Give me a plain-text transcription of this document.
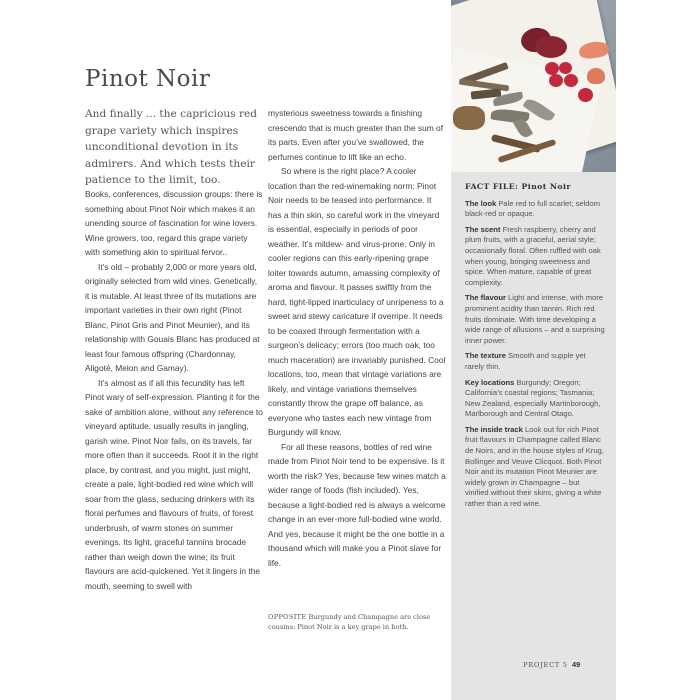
Pinot Noir
And finally ... the capricious red grape variety which inspires unconditional devotion in its admirers. And which tests their patience to the limit, too.

Books, conferences, discussion groups: there is something about Pinot Noir which makes it an unending source of fascination for wine lovers. Wine growers, too, regard this grape variety with something akin to spiritual fervor..

It’s old – probably 2,000 or more years old, originally selected from wild vines. Genetically, it is mutable. At least three of its mutations are important varieties in their own right (Pinot Blanc, Pinot Gris and Pinot Meunier), and its relationship with Gouais Blanc has produced at least four famous offspring (Chardonnay, Aligoté, Melon and Gamay).

It’s almost as if all this fecundity has left Pinot wary of self-expression. Planting it for the sake of ambition alone, without any reference to vineyard aptitude, usually results in jangling, garish wine. Pinot Noir fails, on its travels, far more often than it succeeds. Root it in the right place, by contrast, and you might, just might, create a pale, light-bodied red wine which will soar from the glass, seducing drinkers with its floral perfumes and flavours of fruits, of forest underbrush, of warm stones on summer evenings. Its light, graceful tannins brocade rather than weigh down the wine; its fruit flavours are acid-quickened. Yet it lingers in the mouth, seeming to swell with

mysterious sweetness towards a finishing crescendo that is much greater than the sum of its parts. Even after you’ve swallowed, the perfumes continue to lift like an echo.

So where is the right place? A cooler location than the red-winemaking norm: Pinot Noir needs to be teased into performance. It has a thin skin, so careful work in the vineyard is essential, especially in periods of poor weather. It’s mildew- and virus-prone. Only in cooler regions can this early-ripening grape loiter towards autumn, amassing complexity of aroma and flavour. It passes swiftly from the hard, tight-lipped inarticulacy of unripeness to a sweet and stewy caricature if overripe. It needs to be coaxed through fermentation with a surgeon’s delicacy; errors (too much oak, too much maceration) are invariably punished. Cool locations, too, mean that vintage variations are likely, and vintage variations themselves constantly throw the grape off balance, as everyone who tastes each new vintage from Burgundy will know.

For all these reasons, bottles of red wine made from Pinot Noir tend to be expensive. Is it worth the risk? Yes, because few wines match a wider range of foods (fish included). Yes, because a light-bodied red is always a welcome change in an ever-more full-bodied wine world. And yes, because it might be the one bottle in a thousand which will make you a Pinot slave for life.

OPPOSITE Burgundy and Champagne are close cousins: Pinot Noir is a key grape in both.
FACT FILE: Pinot Noir

The look Pale red to full scarlet; seldom black-red or opaque.

The scent Fresh raspberry, cherry and plum fruits, with a graceful, aerial style; occasionally floral. Often ruffled with oak when young, bringing sweetness and spice. When mature, capable of great complexity.

The flavour Light and intense, with more prominent acidity than tannin. Rich red fruits dominate. With time developing a wide range of allusions – and a surprising inner power.

The texture Smooth and supple yet rarely thin.

Key locations Burgundy; Oregon; California’s coastal regions; Tasmania; New Zealand, especially Martinborough, Marlborough and Central Otago.

The inside track Look out for rich Pinot fruit flavours in Champagne called Blanc de Noirs, and in the house styles of Krug, Bollinger and Veuve Clicquot. Both Pinot Noir and its mutation Pinot Meunier are widely grown in Champagne – but vinified without their skins, giving a white rather than a red wine.

PROJECT 5 49
